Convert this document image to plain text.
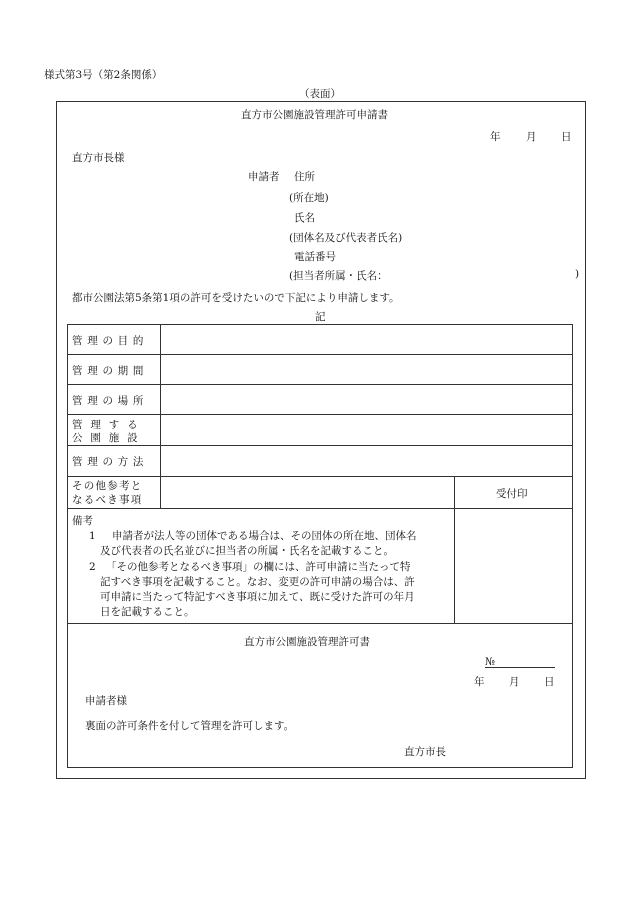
様式第3号（第2条関係）
（表面）
直方市公園施設管理許可申請書
年 月 日
直方市長様
申請者 住所
(所在地)
氏名
(団体名及び代表者氏名)
電話番号
(担当者所属・氏名：	)
都市公園法第5条第1項の許可を受けたいので下記により申請します。
記
管理の目的
管理の期間
管理の場所
管理する
公園施設
管理の方法
その他参考と
なるべき事項	受付印
備考
1 申請者が法人等の団体である場合は、その団体の所在地、団体名
及び代表者の氏名並びに担当者の所属・氏名を記載すること。
2 「その他参考となるべき事項」の欄には、許可申請に当たって特
記すべき事項を記載すること。なお、変更の許可申請の場合は、許
可申請に当たって特記すべき事項に加えて、既に受けた許可の年月
日を記載すること。
直方市公園施設管理許可書
№
年 月 日
申請者様
裏面の許可条件を付して管理を許可します。
直方市長
